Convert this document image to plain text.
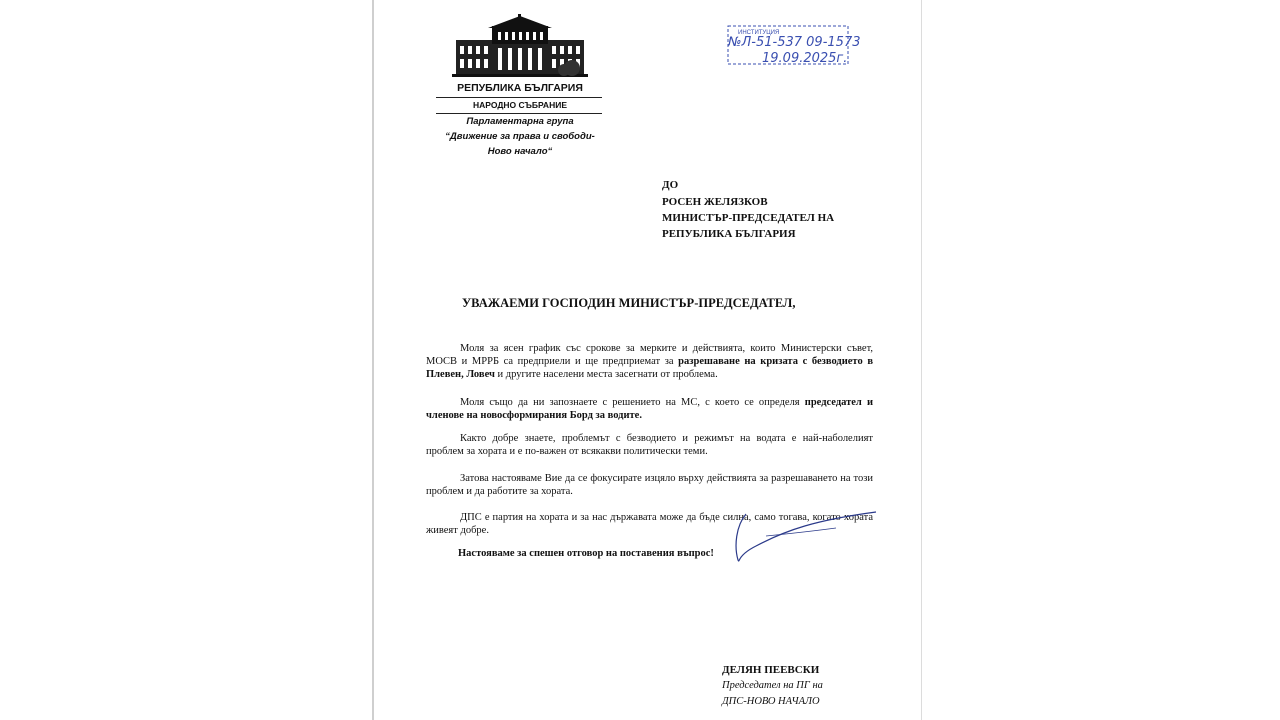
РЕПУБЛИКА БЪЛГАРИЯ
НАРОДНО СЪБРАНИЕ
Парламентарна група
“Движение за права и свободи-
Ново начало“
ИНСТИТУЦИЯ
№Л-51-537 09-1573
19.09.2025г.
ДО
РОСЕН ЖЕЛЯЗКОВ
МИНИСТЪР-ПРЕДСЕДАТЕЛ НА
РЕПУБЛИКА БЪЛГАРИЯ
УВАЖАЕМИ ГОСПОДИН МИНИСТЪР-ПРЕДСЕДАТЕЛ,
Моля за ясен график със срокове за мерките и действията, които Министерски съвет, МОСВ и МРРБ са предприели и ще предприемат за разрешаване на кризата с безводието в Плевен, Ловеч и другите населени места засегнати от проблема.
Моля също да ни запознаете с решението на МС, с което се определя председател и членове на новосформирания Борд за водите.
Както добре знаете, проблемът с безводието и режимът на водата е най-наболелият проблем за хората и е по-важен от всякакви политически теми.
Затова настояваме Вие да се фокусирате изцяло върху действията за разрешаването на този проблем и да работите за хората.
ДПС е партия на хората и за нас държавата може да бъде силна, само тогава, когато хората живеят добре.
Настояваме за спешен отговор на поставения въпрос!
ДЕЛЯН ПЕЕВСКИ
Председател на ПГ на
ДПС-НОВО НАЧАЛО
